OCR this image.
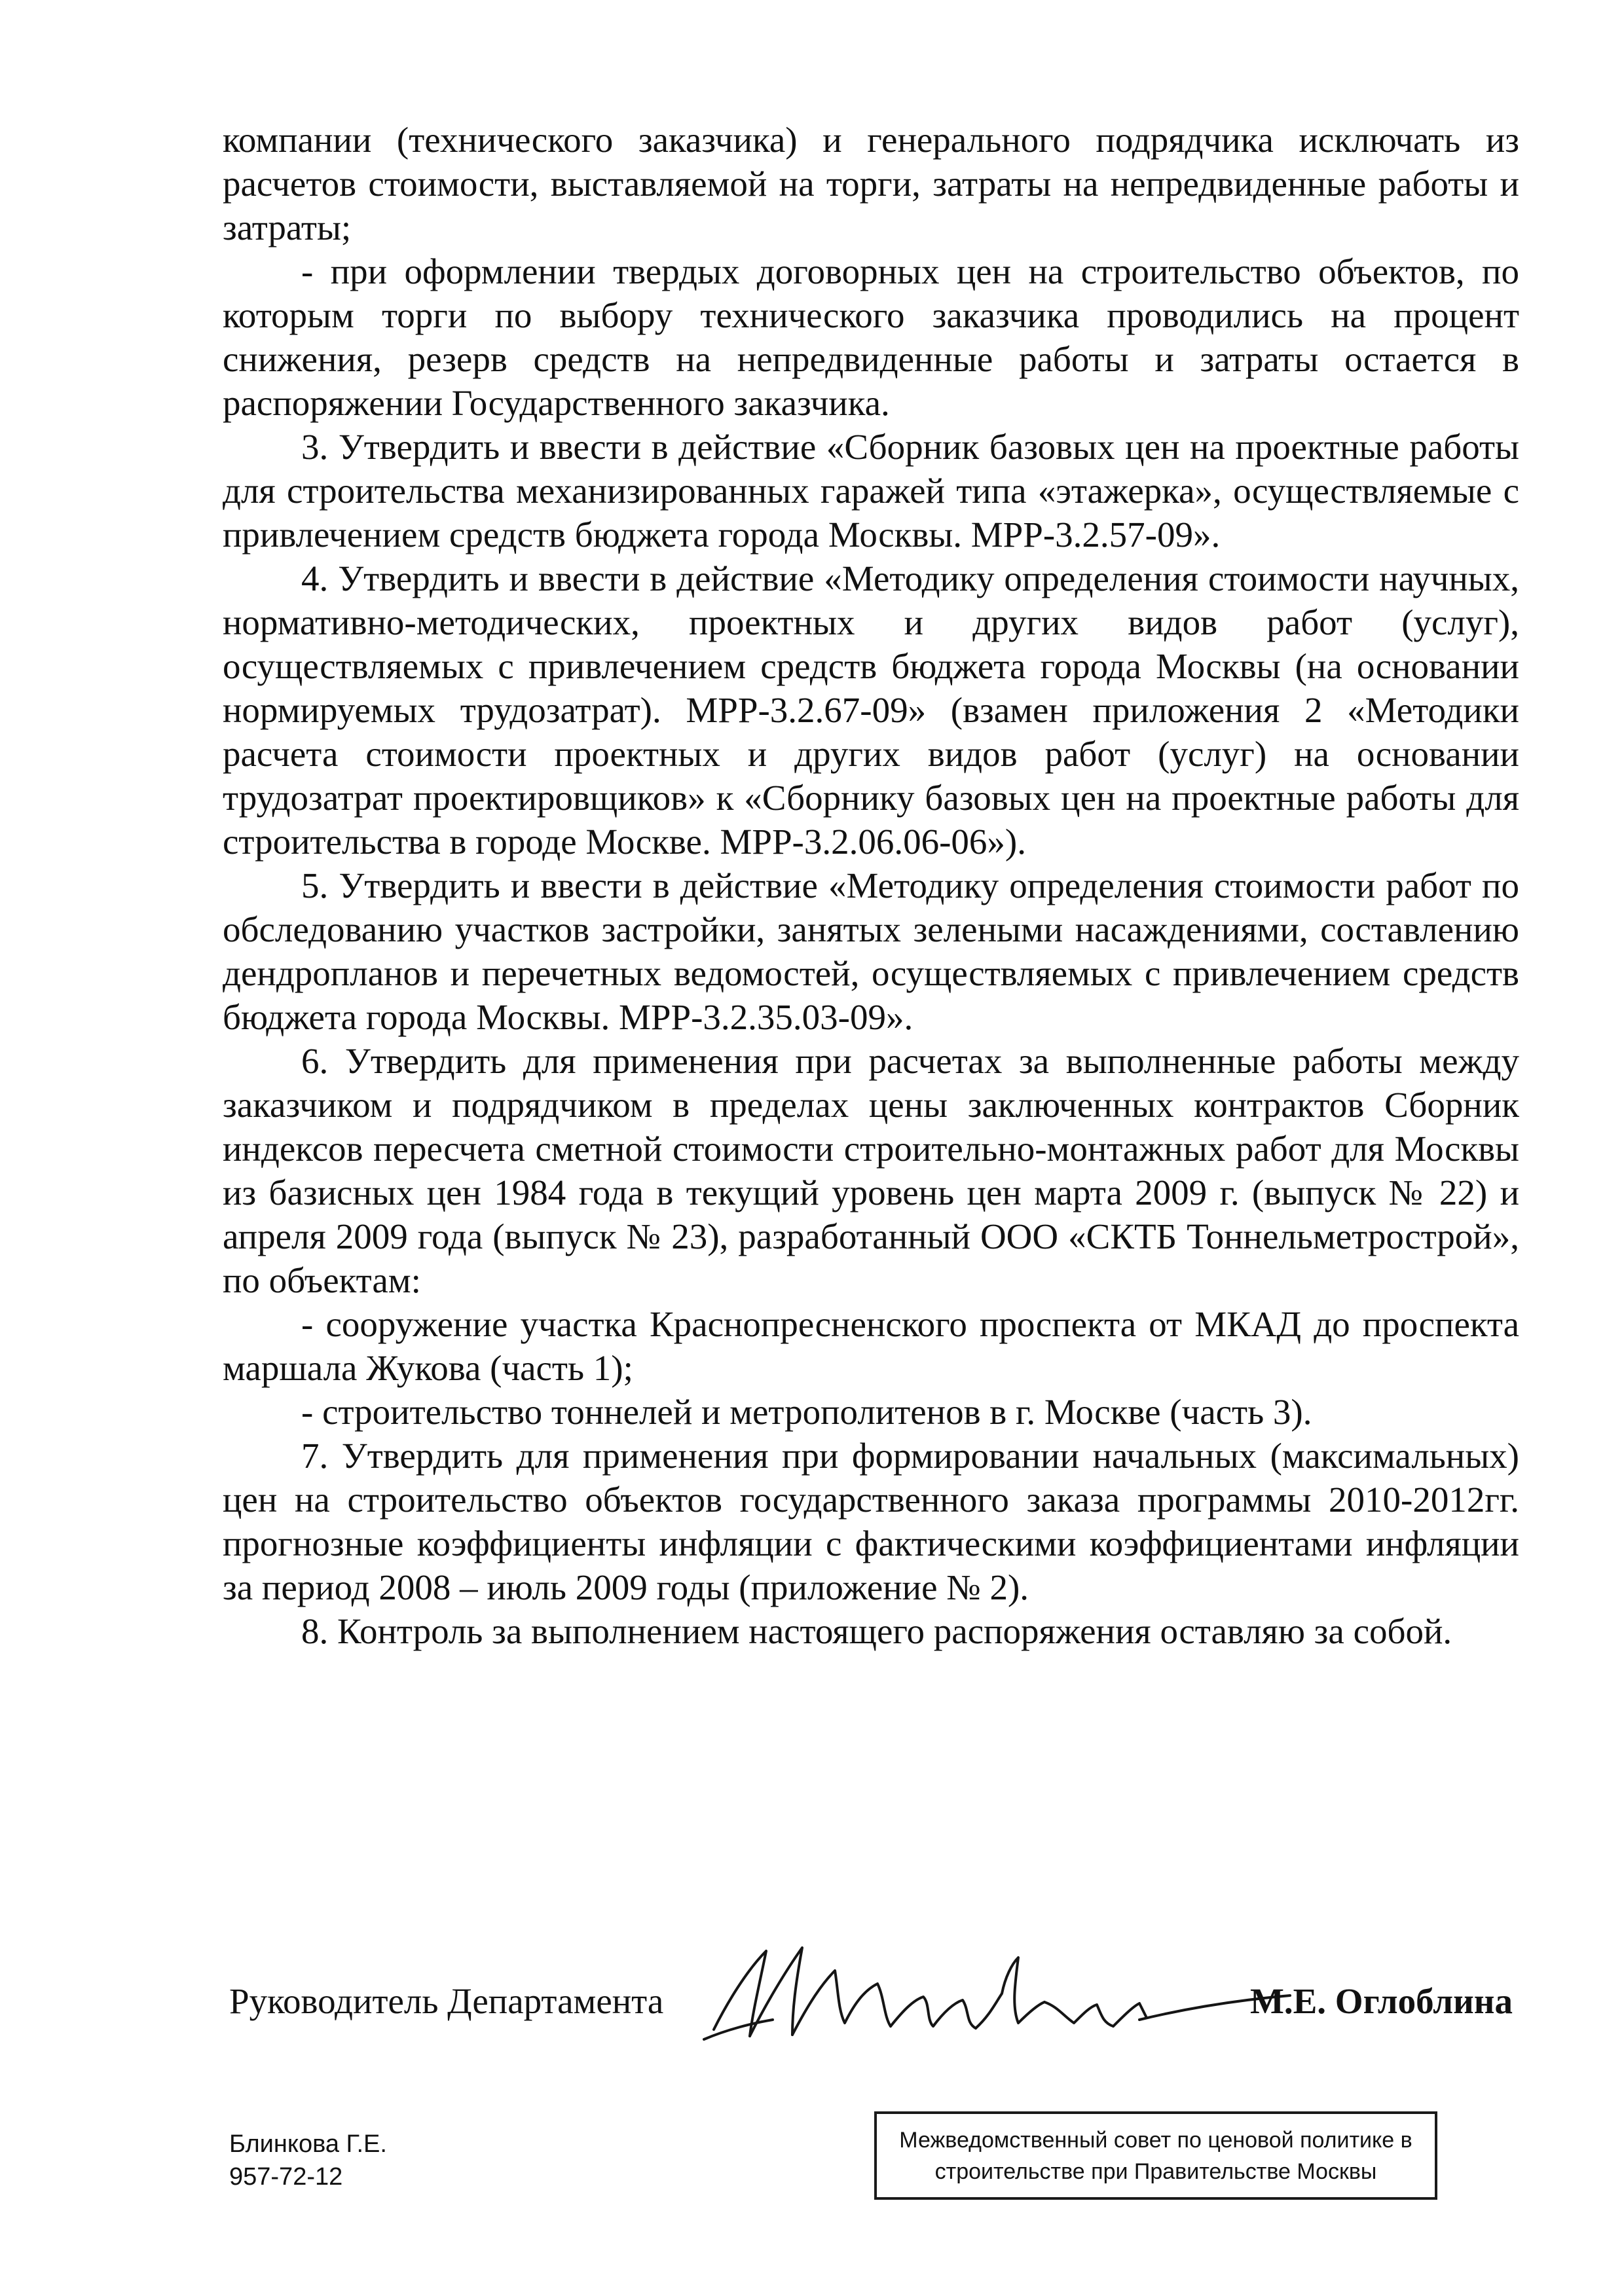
компании (технического заказчика) и генерального подрядчика исключать из расчетов стоимости, выставляемой на торги, затраты на непредвиденные работы и затраты;

- при оформлении твердых договорных цен на строительство объектов, по которым торги по выбору технического заказчика проводились на процент снижения, резерв средств на непредвиденные работы и затраты остается в распоряжении Государственного заказчика.

3. Утвердить и ввести в действие «Сборник базовых цен на проектные работы для строительства механизированных гаражей типа «этажерка», осуществляемые с привлечением средств бюджета города Москвы. МРР-3.2.57-09».

4. Утвердить и ввести в действие «Методику определения стоимости научных, нормативно-методических, проектных и других видов работ (услуг), осуществляемых с привлечением средств бюджета города Москвы (на основании нормируемых трудозатрат). МРР-3.2.67-09» (взамен приложения 2 «Методики расчета стоимости проектных и других видов работ (услуг) на основании трудозатрат проектировщиков» к «Сборнику базовых цен на проектные работы для строительства в городе Москве. МРР-3.2.06.06-06»).

5. Утвердить и ввести в действие «Методику определения стоимости работ по обследованию участков застройки, занятых зелеными насаждениями, составлению дендропланов и перечетных ведомостей, осуществляемых с привлечением средств бюджета города Москвы. МРР-3.2.35.03-09».

6. Утвердить для применения при расчетах за выполненные работы между заказчиком и подрядчиком в пределах цены заключенных контрактов Сборник индексов пересчета сметной стоимости строительно-монтажных работ для Москвы из базисных цен 1984 года в текущий уровень цен марта 2009 г. (выпуск № 22) и апреля 2009 года (выпуск № 23), разработанный ООО «СКТБ Тоннельметрострой», по объектам:

- сооружение участка Краснопресненского проспекта от МКАД до проспекта маршала Жукова (часть 1);

- строительство тоннелей и метрополитенов в г. Москве (часть 3).

7. Утвердить для применения при формировании начальных (максимальных) цен на строительство объектов государственного заказа программы 2010-2012гг. прогнозные коэффициенты инфляции с фактическими коэффициентами инфляции за период 2008 – июль 2009 годы (приложение № 2).

8. Контроль за выполнением настоящего распоряжения оставляю за собой.

Руководитель Департамента	М.Е. Оглоблина
Блинкова Г.Е.
957-72-12
Межведомственный совет по ценовой политике в
строительстве при Правительстве Москвы
